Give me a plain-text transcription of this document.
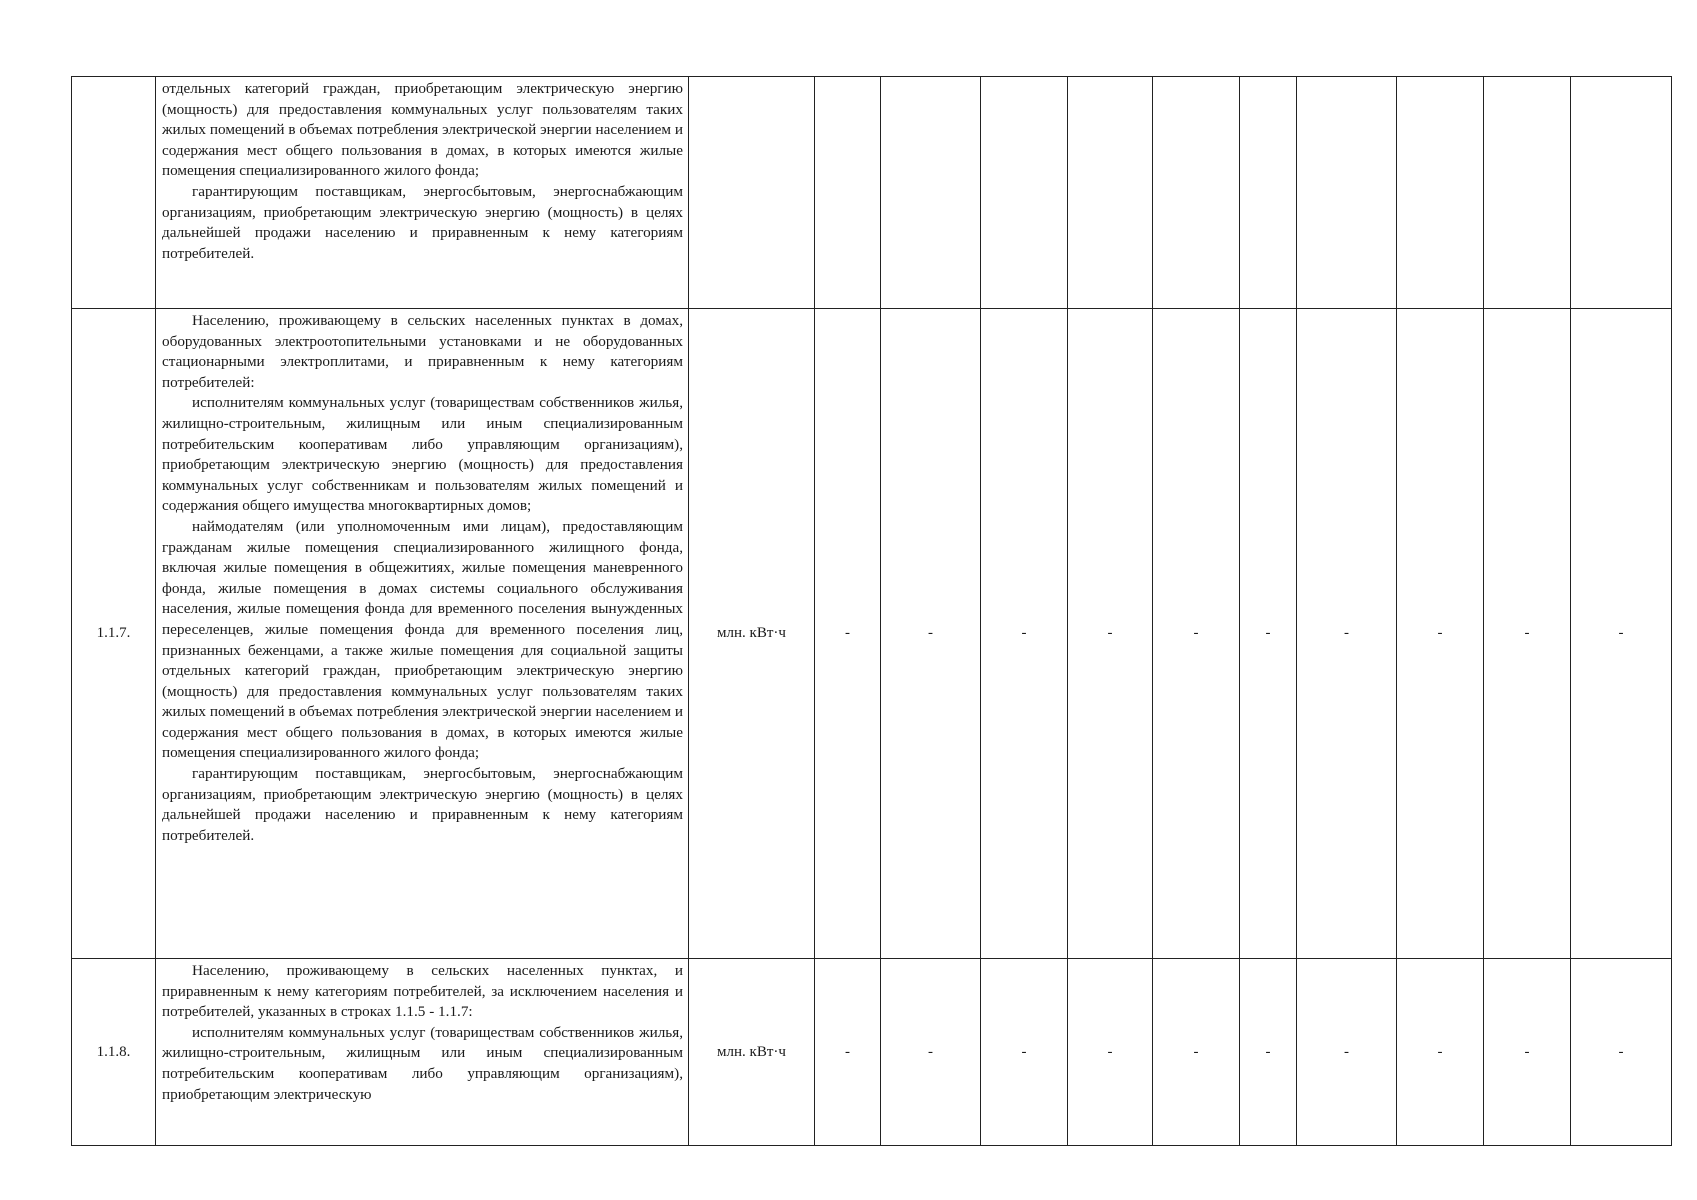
	отдельных категорий граждан, приобретающим электрическую энергию (мощность) для предоставления коммунальных услуг пользователям таких жилых помещений в объемах потребления электрической энергии населением и содержания мест общего пользования в домах, в которых имеются жилые помещения специализированного жилого фонда;

гарантирующим поставщикам, энергосбытовым, энергоснабжающим организациям, приобретающим электрическую энергию (мощность) в целях дальнейшей продажи населению и приравненным к нему категориям потребителей.											

1.1.7.	Населению, проживающему в сельских населенных пунктах в домах, оборудованных электроотопительными установками и не оборудованных стационарными электроплитами, и приравненным к нему категориям потребителей:

исполнителям коммунальных услуг (товариществам собственников жилья, жилищно-строительным, жилищным или иным специализированным потребительским кооперативам либо управляющим организациям), приобретающим электрическую энергию (мощность) для предоставления коммунальных услуг собственникам и пользователям жилых помещений и содержания общего имущества многоквартирных домов;

наймодателям (или уполномоченным ими лицам), предоставляющим гражданам жилые помещения специализированного жилищного фонда, включая жилые помещения в общежитиях, жилые помещения маневренного фонда, жилые помещения в домах системы социального обслуживания населения, жилые помещения фонда для временного поселения вынужденных переселенцев, жилые помещения фонда для временного поселения лиц, признанных беженцами, а также жилые помещения для социальной защиты отдельных категорий граждан, приобретающим электрическую энергию (мощность) для предоставления коммунальных услуг пользователям таких жилых помещений в объемах потребления электрической энергии населением и содержания мест общего пользования в домах, в которых имеются жилые помещения специализированного жилого фонда;

гарантирующим поставщикам, энергосбытовым, энергоснабжающим организациям, приобретающим электрическую энергию (мощность) в целях дальнейшей продажи населению и приравненным к нему категориям потребителей.	млн. кВт·ч	-	-	-	-	-	-	-	-	-	-
1.1.8.	Населению, проживающему в сельских населенных пунктах, и приравненным к нему категориям потребителей, за исключением населения и потребителей, указанных в строках 1.1.5 - 1.1.7:

исполнителям коммунальных услуг (товариществам собственников жилья, жилищно-строительным, жилищным или иным специализированным потребительским кооперативам либо управляющим организациям), приобретающим электрическую	млн. кВт·ч	-	-	-	-	-	-	-	-	-	-
